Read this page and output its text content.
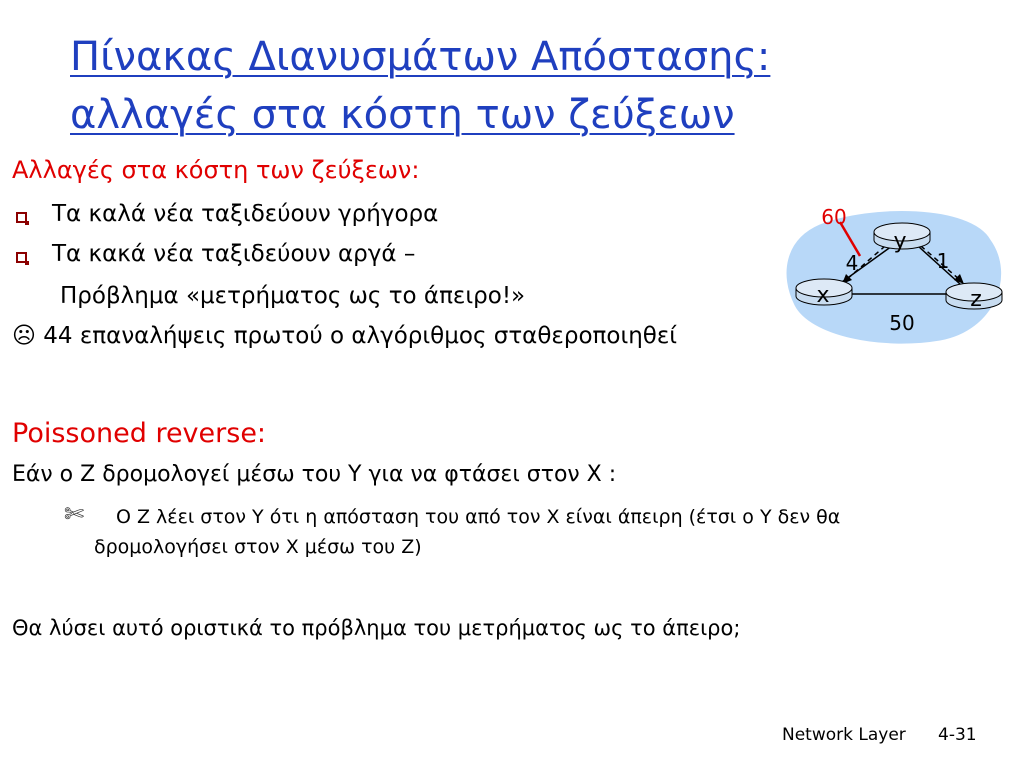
Πίνακας Διανυσμάτων Απόστασης:
αλλαγές στα κόστη των ζεύξεων
Αλλαγές στα κόστη των ζεύξεων:
Τα καλά νέα ταξιδεύουν γρήγορα
Τα κακά νέα ταξιδεύουν αργά –
Πρόβλημα «μετρήματος ως το άπειρο!»
☹ 44 επαναλήψεις πρωτού ο αλγόριθμος σταθεροποιηθεί
Poissoned reverse:
Εάν ο Z δρομολογεί μέσω του Y για να φτάσει στον X :
✄ O Z λέει στον Y ότι η απόσταση του από τον X είναι άπειρη (έτσι ο Y δεν θα
δρομολογήσει στον X μέσω του Z)
Θα λύσει αυτό οριστικά το πρόβλημα του μετρήματος ως το άπειρο;
y
x	z
4	1
50
60
Network Layer 4-31
